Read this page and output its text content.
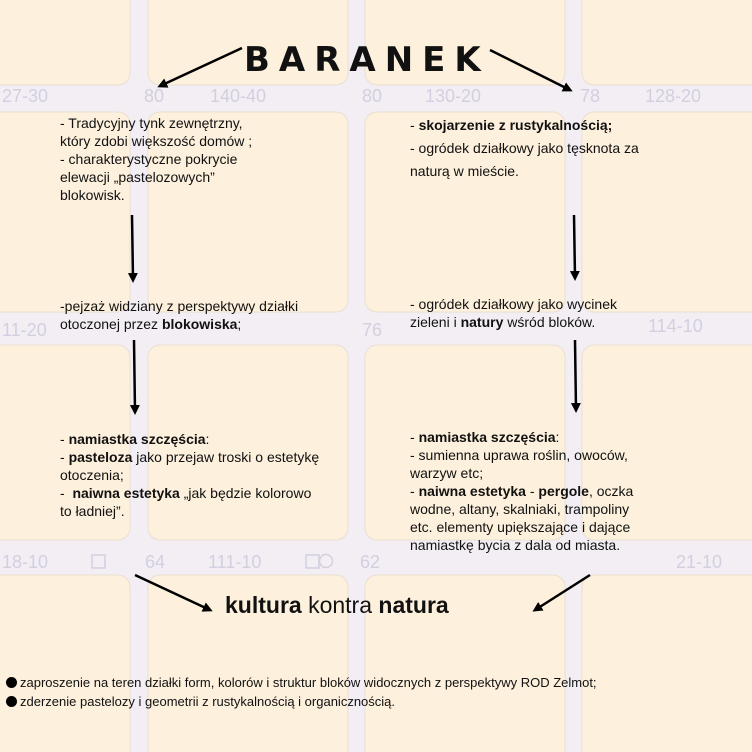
27-30	80	140-40	80 130-20	78 128-20
11-20	76	114-10
18-10	64 111-10	62	21-10
BARANEK
- Tradycyjny tynk zewnętrzny,
który zdobi większość domów ;
- charakterystyczne pokrycie
elewacji „pastelozowych”
blokowisk.
-pejzaż widziany z perspektywy działki
otoczonej przez blokowiska;
- namiastka szczęścia:
- pasteloza jako przejaw troski o estetykę
otoczenia;
-  naiwna estetyka „jak będzie kolorowo
to ładniej”.
- skojarzenie z rustykalnością;
- ogródek działkowy jako tęsknota za
naturą w mieście.
- ogródek działkowy jako wycinek
zieleni i natury wśród bloków.
- namiastka szczęścia:
- sumienna uprawa roślin, owoców,
warzyw etc;
- naiwna estetyka - pergole, oczka
wodne, altany, skalniaki, trampoliny
etc. elementy upiększające i dające
namiastkę bycia z dala od miasta.
kultura kontra natura
zaproszenie na teren działki form, kolorów i struktur bloków widocznych z perspektywy ROD Zelmot;
zderzenie pastelozy i geometrii z rustykalnością i organicznością.
